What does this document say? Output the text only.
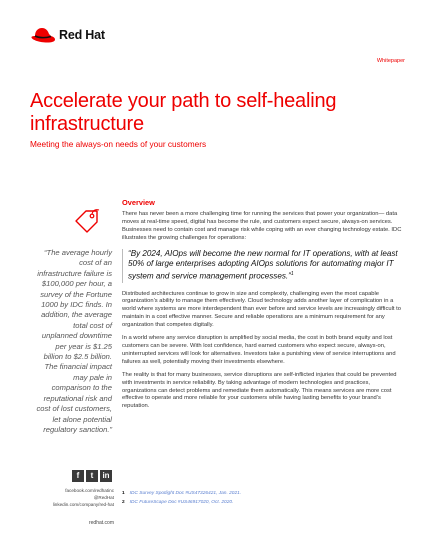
Red Hat
Whitepaper
Accelerate your path to self-healing infrastructure
Meeting the always-on needs of your customers
“The average hourly cost of an infrastructure failure is $100,000 per hour, a survey of the Fortune 1000 by IDC finds. In addition, the average total cost of unplanned downtime per year is $1.25 billion to $2.5 billion. The financial impact may pale in comparison to the reputational risk and cost of lost customers, let alone potential regulatory sanction.”
f	t	in
facebook.com/redhatinc
@RedHat
linkedin.com/company/red-hat
redhat.com
Overview

There has never been a more challenging time for running the services that power your organization— data moves at real-time speed, digital has become the rule, and customers expect secure, always-on services. Businesses need to contain cost and manage risk while coping with an ever changing technology estate. IDC illustrates the growing challenges for operations:

“By 2024, AIOps will become the new normal for IT operations, with at least 50% of large enterprises adopting AIOps solutions for automating major IT system and service management processes.”$^1$

Distributed architectures continue to grow in size and complexity, challenging even the most capable organization’s ability to manage them effectively. Cloud technology adds another layer of complication in a world where systems are more interdependent than ever before and service levels are increasingly difficult to maintain in a cost effective manner. Secure and reliable operations are a minimum requirement for any organization that competes digitally.

In a world where any service disruption is amplified by social media, the cost in both brand equity and lost customers can be severe. With lost confidence, hard earned customers who expect secure, always-on, uninterrupted services will look for alternatives. Investors take a punishing view of service interruptions and failures as well, potentially moving their investments elsewhere.

The reality is that for many businesses, service disruptions are self-inflicted injuries that could be prevented with investments in service reliability. By taking advantage of modern technologies and practices, organizations can detect problems and remediate them automatically. This means services are more cost effective to operate and more reliable for your customers while having lasting benefits to your brand’s reputation.

1 IDC Survey Spotlight Doc #US47326421, Jan. 2021.
2 IDC FutureScape Doc #US46917020, Oct. 2020.
